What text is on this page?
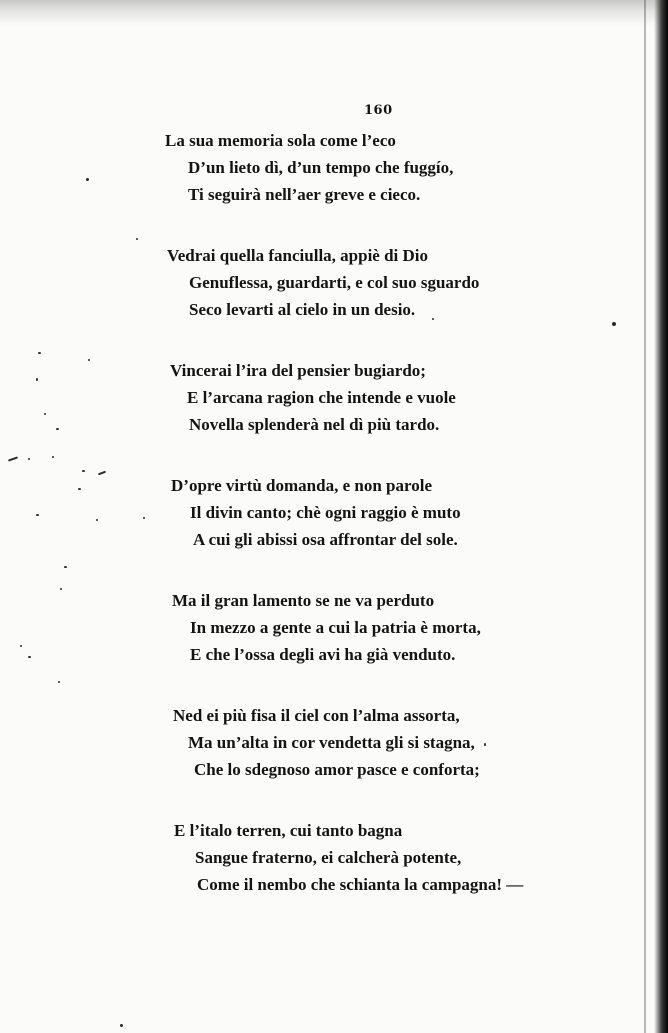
160
La sua memoria sola come l’eco
D’un lieto dì, d’un tempo che fuggío,
Ti seguirà nell’aer greve e cieco.
Vedrai quella fanciulla, appiè di Dio
Genuflessa, guardarti, e col suo sguardo
Seco levarti al cielo in un desio.
Vincerai l’ira del pensier bugiardo;
E l’arcana ragion che intende e vuole
Novella splenderà nel dì più tardo.
D’opre virtù domanda, e non parole
Il divin canto; chè ogni raggio è muto
A cui gli abissi osa affrontar del sole.
Ma il gran lamento se ne va perduto
In mezzo a gente a cui la patria è morta,
E che l’ossa degli avi ha già venduto.
Ned ei più fisa il ciel con l’alma assorta,
Ma un’alta in cor vendetta gli si stagna,
Che lo sdegnoso amor pasce e conforta;
E l’italo terren, cui tanto bagna
Sangue fraterno, ei calcherà potente,
Come il nembo che schianta la campagna! —
